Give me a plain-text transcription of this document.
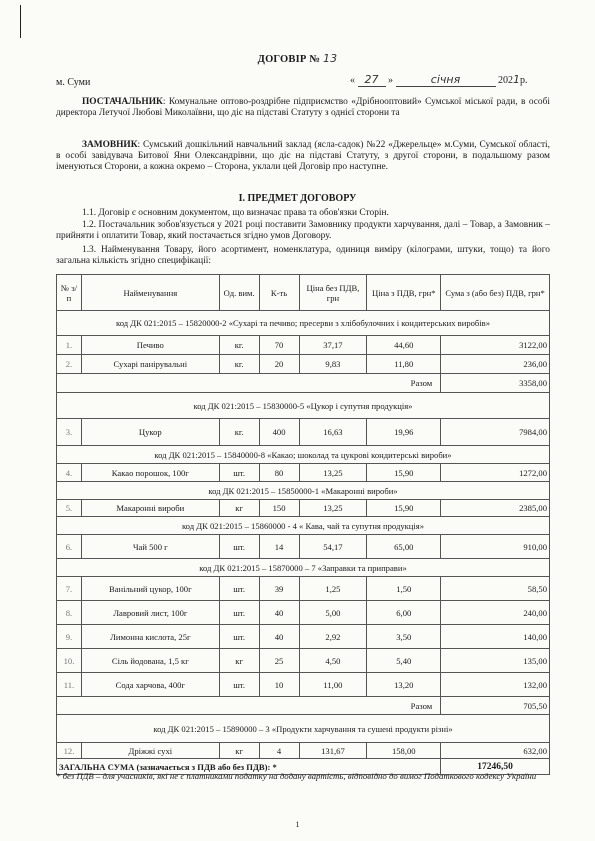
ДОГОВІР № 13
м. Суми	« 27 »	січня	2021р.

ПОСТАЧАЛЬНИК: Комунальне оптово-роздрібне підприємство «Дрібнооптовий» Сумської міської ради, в особі директора Летучої Любові Миколаївни, що діє на підставі Статуту з однієї сторони та

ЗАМОВНИК: Сумський дошкільний навчальний заклад (ясла-садок) №22 «Джерельце» м.Суми, Сумської області, в особі завідувача Битової Яни Олександрівни, що діє на підставі Статуту, з другої сторони, в подальшому разом іменуються Сторони, а кожна окремо – Сторона, уклали цей Договір про наступне.

І. ПРЕДМЕТ ДОГОВОРУ

1.1. Договір є основним документом, що визначає права та обов'язки Сторін.

1.2. Постачальник зобов'язується у 2021 році поставити Замовнику продукти харчування, далі – Товар, а Замовник – прийняти і оплатити Товар, який постачається згідно умов Договору.

1.3. Найменування Товару, його асортимент, номенклатура, одиниця виміру (кілограми, штуки, тощо) та його загальна кількість згідно специфікації:

№ з/п	Найменування	Од. вим.	К-ть	Ціна без ПДВ, грн	Ціна з ПДВ, грн*	Сума з (або без) ПДВ, грн*
код ДК 021:2015 – 15820000-2 «Сухарі та печиво; пресерви з хлібобулочних і кондитерських виробів»						
1.	Печиво	кг.	70	37,17	44,60	3122,00
2.	Сухарі панірувальні	кг.	20	9,83	11,80	236,00
Разом						3358,00
код ДК 021:2015 – 15830000-5 «Цукор і супутня продукція»						
3.	Цукор	кг.	400	16,63	19,96	7984,00
код ДК 021:2015 – 15840000-8 «Какао; шоколад та цукрові кондитерські вироби»						
4.	Какао порошок, 100г	шт.	80	13,25	15,90	1272,00
код ДК 021:2015 – 15850000-1 «Макаронні вироби»						
5.	Макаронні вироби	кг	150	13,25	15,90	2385,00
код ДК 021:2015 – 15860000 - 4 « Кава, чай та супутня продукція»						
6.	Чай 500 г	шт.	14	54,17	65,00	910,00
код ДК 021:2015 – 15870000 – 7 «Заправки та приправи»						
7.	Ванільний цукор, 100г	шт.	39	1,25	1,50	58,50
8.	Лавровий лист, 100г	шт.	40	5,00	6,00	240,00
9.	Лимонна кислота, 25г	шт.	40	2,92	3,50	140,00
10.	Сіль йодована, 1,5 кг	кг	25	4,50	5,40	135,00
11.	Сода харчова, 400г	шт.	10	11,00	13,20	132,00
Разом						705,50
код ДК 021:2015 – 15890000 – 3 «Продукти харчування та сушені продукти різні»						
12.	Дріжжі сухі	кг	4	131,67	158,00	632,00
ЗАГАЛЬНА СУМА (зазначається з ПДВ або без ПДВ): *						17246,50
* без ПДВ – для учасників, які не є платниками податку на додану вартість, відповідно до вимог Податкового кодексу України
1
